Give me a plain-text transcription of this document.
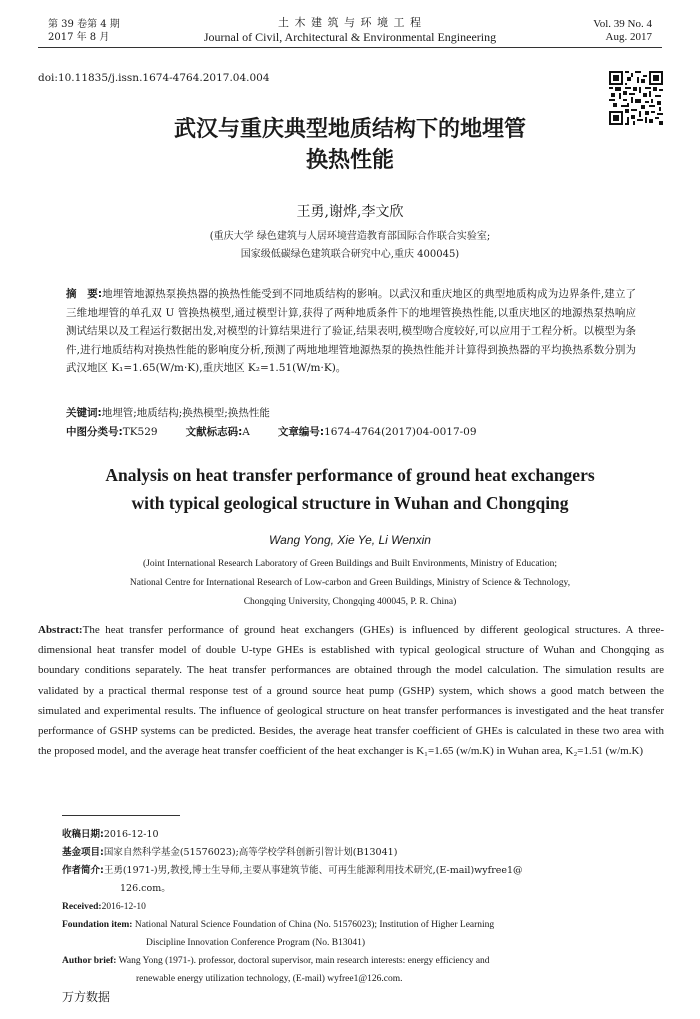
第 39 卷第 4 期
2017 年 8 月
土 木 建 筑 与 环 境 工 程
Journal of Civil, Architectural & Environmental Engineering
Vol. 39 No. 4
Aug. 2017
doi:10.11835/j.issn.1674-4764.2017.04.004
武汉与重庆典型地质结构下的地埋管
换热性能
王勇,谢烨,李文欣
(重庆大学 绿色建筑与人居环境营造教育部国际合作联合实验室;
国家级低碳绿色建筑联合研究中心,重庆 400045)
摘　要:地埋管地源热泵换热器的换热性能受到不同地质结构的影响。以武汉和重庆地区的典型地质构成为边界条件,建立了三维地埋管的单孔双 U 管换热模型,通过模型计算,获得了两种地质条件下的地埋管换热性能,以重庆地区的地源热泵热响应测试结果以及工程运行数据出发,对模型的计算结果进行了验证,结果表明,模型吻合度较好,可以应用于工程分析。以模型为条件,进行地质结构对换热性能的影响度分析,预测了两地地埋管地源热泵的换热性能并计算得到换热器的平均换热系数分别为武汉地区 K₁=1.65(W/m·K),重庆地区 K₂=1.51(W/m·K)。
关键词:地埋管;地质结构;换热模型;换热性能
中图分类号:TK529	文献标志码:A	文章编号:1674-4764(2017)04-0017-09
Analysis on heat transfer performance of ground heat exchangers
with typical geological structure in Wuhan and Chongqing
Wang Yong, Xie Ye, Li Wenxin
(Joint International Research Laboratory of Green Buildings and Built Environments, Ministry of Education;
National Centre for International Research of Low-carbon and Green Buildings, Ministry of Science & Technology,
Chongqing University, Chongqing 400045, P. R. China)
Abstract:The heat transfer performance of ground heat exchangers (GHEs) is influenced by different geological structures. A three-dimensional heat transfer model of double U-type GHEs is established with typical geological structure of Wuhan and Chongqing as boundary conditions separately. The heat transfer performances are obtained through the model calculation. The simulation results are validated by a practical thermal response test of a ground source heat pump (GSHP) system, which shows a good match between the simulated and experimental results. The influence of geological structure on heat transfer performances is investigated and the heat transfer performance of GSHP systems can be predicted. Besides, the average heat transfer coefficient of GHEs is calculated in these two area with the proposed model, and the average heat transfer coefficient of the heat exchanger is K₁=1.65 (w/m.K) in Wuhan area, K₂=1.51 (w/m.K)
收稿日期:2016-12-10
基金项目:国家自然科学基金(51576023);高等学校学科创新引智计划(B13041)
作者简介:王勇(1971-)男,教授,博士生导师,主要从事建筑节能、可再生能源利用技术研究,(E-mail)wyfree1@
126.com。
Received:2016-12-10
Foundation item: National Natural Science Foundation of China (No. 51576023); Institution of Higher Learning
Discipline Innovation Conference Program (No. B13041)
Author brief: Wang Yong (1971-). professor, doctoral supervisor, main research interests: energy efficiency and
renewable energy utilization technology, (E-mail) wyfree1@126.com.
万方数据
